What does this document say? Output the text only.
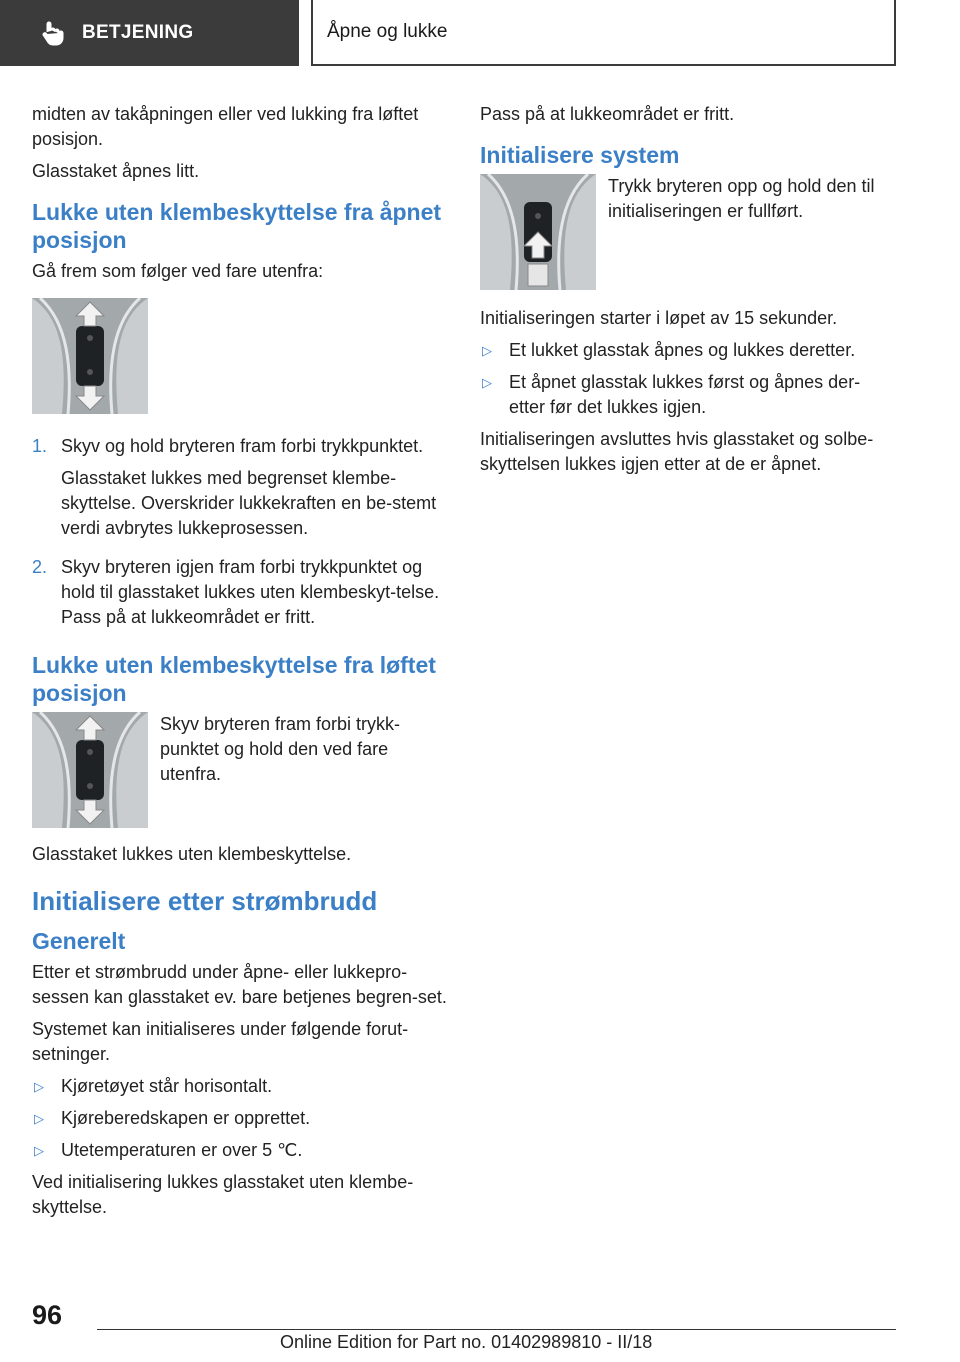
BETJENING	Åpne og lukke

midten av takåpningen eller ved lukking fra løftet posisjon.

Glasstaket åpnes litt.

Lukke uten klembeskyttelse fra åpnet posisjon

Gå frem som følger ved fare utenfra:

1. Skyv og hold bryteren fram forbi trykkpunktet.

Glasstaket lukkes med begrenset klembe-skyttelse. Overskrider lukkekraften en be-stemt verdi avbrytes lukkeprosessen.

2. Skyv bryteren igjen fram forbi trykkpunktet og hold til glasstaket lukkes uten klembeskyt-telse. Pass på at lukkeområdet er fritt.

Lukke uten klembeskyttelse fra løftet posisjon

Skyv bryteren fram forbi trykk-punktet og hold den ved fare utenfra.

Glasstaket lukkes uten klembeskyttelse.

Initialisere etter strømbrudd
Generelt

Etter et strømbrudd under åpne- eller lukkepro-sessen kan glasstaket ev. bare betjenes begren-set.

Systemet kan initialiseres under følgende forut-setninger.

▷ Kjøretøyet står horisontalt.

▷ Kjøreberedskapen er opprettet.

▷ Utetemperaturen er over 5 ℃.

Ved initialisering lukkes glasstaket uten klembe-skyttelse.

Pass på at lukkeområdet er fritt.

Initialisere system

Trykk bryteren opp og hold den til initialiseringen er fullført.

Initialiseringen starter i løpet av 15 sekunder.

▷ Et lukket glasstak åpnes og lukkes deretter.

▷ Et åpnet glasstak lukkes først og åpnes der-etter før det lukkes igjen.

Initialiseringen avsluttes hvis glasstaket og solbe-skyttelsen lukkes igjen etter at de er åpnet.

96
Online Edition for Part no. 01402989810 - II/18
